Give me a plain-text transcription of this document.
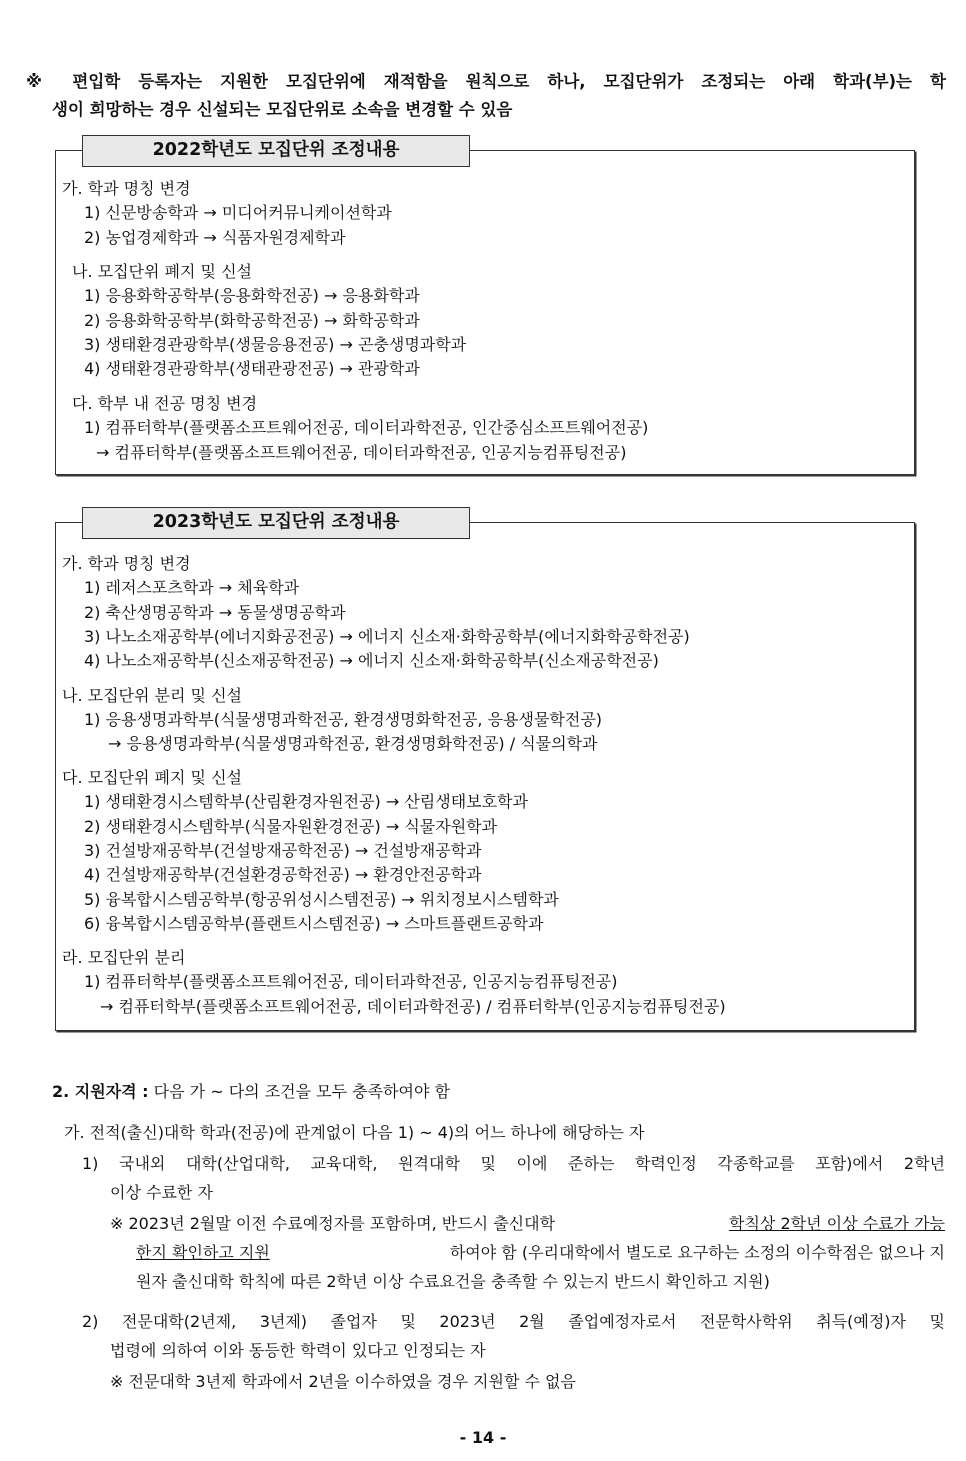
※ 편입학 등록자는 지원한 모집단위에 재적함을 원칙으로 하나, 모집단위가 조정되는 아래 학과(부)는 학
생이 희망하는 경우 신설되는 모집단위로 소속을 변경할 수 있음
2022학년도 모집단위 조정내용
가. 학과 명칭 변경
1) 신문방송학과 → 미디어커뮤니케이션학과
2) 농업경제학과 → 식품자원경제학과
나. 모집단위 폐지 및 신설
1) 응용화학공학부(응용화학전공) → 응용화학과
2) 응용화학공학부(화학공학전공) → 화학공학과
3) 생태환경관광학부(생물응용전공) → 곤충생명과학과
4) 생태환경관광학부(생태관광전공) → 관광학과
다. 학부 내 전공 명칭 변경
1) 컴퓨터학부(플랫폼소프트웨어전공, 데이터과학전공, 인간중심소프트웨어전공)
→ 컴퓨터학부(플랫폼소프트웨어전공, 데이터과학전공, 인공지능컴퓨팅전공)
2023학년도 모집단위 조정내용
가. 학과 명칭 변경
1) 레저스포츠학과 → 체육학과
2) 축산생명공학과 → 동물생명공학과
3) 나노소재공학부(에너지화공전공) → 에너지 신소재·화학공학부(에너지화학공학전공)
4) 나노소재공학부(신소재공학전공) → 에너지 신소재·화학공학부(신소재공학전공)
나. 모집단위 분리 및 신설
1) 응용생명과학부(식물생명과학전공, 환경생명화학전공, 응용생물학전공)
→ 응용생명과학부(식물생명과학전공, 환경생명화학전공) / 식물의학과
다. 모집단위 폐지 및 신설
1) 생태환경시스템학부(산림환경자원전공) → 산림생태보호학과
2) 생태환경시스템학부(식물자원환경전공) → 식물자원학과
3) 건설방재공학부(건설방재공학전공) → 건설방재공학과
4) 건설방재공학부(건설환경공학전공) → 환경안전공학과
5) 융복합시스템공학부(항공위성시스템전공) → 위치정보시스템학과
6) 융복합시스템공학부(플랜트시스템전공) → 스마트플랜트공학과
라. 모집단위 분리
1) 컴퓨터학부(플랫폼소프트웨어전공, 데이터과학전공, 인공지능컴퓨팅전공)
→ 컴퓨터학부(플랫폼소프트웨어전공, 데이터과학전공) / 컴퓨터학부(인공지능컴퓨팅전공)
2. 지원자격 : 다음 가 ~ 다의 조건을 모두 충족하여야 함
가. 전적(출신)대학 학과(전공)에 관계없이 다음 1) ~ 4)의 어느 하나에 해당하는 자
1) 국내외 대학(산업대학, 교육대학, 원격대학 및 이에 준하는 학력인정 각종학교를 포함)에서 2학년
이상 수료한 자
※ 2023년 2월말 이전 수료예정자를 포함하며, 반드시 출신대학	학칙상 2학년 이상 수료가 가능
한지 확인하고 지원	하여야 함 (우리대학에서 별도로 요구하는 소정의 이수학점은 없으나 지
원자 출신대학 학칙에 따른 2학년 이상 수료요건을 충족할 수 있는지 반드시 확인하고 지원)
2) 전문대학(2년제, 3년제) 졸업자 및 2023년 2월 졸업예정자로서 전문학사학위 취득(예정)자 및
법령에 의하여 이와 동등한 학력이 있다고 인정되는 자
※ 전문대학 3년제 학과에서 2년을 이수하였을 경우 지원할 수 없음
- 14 -
